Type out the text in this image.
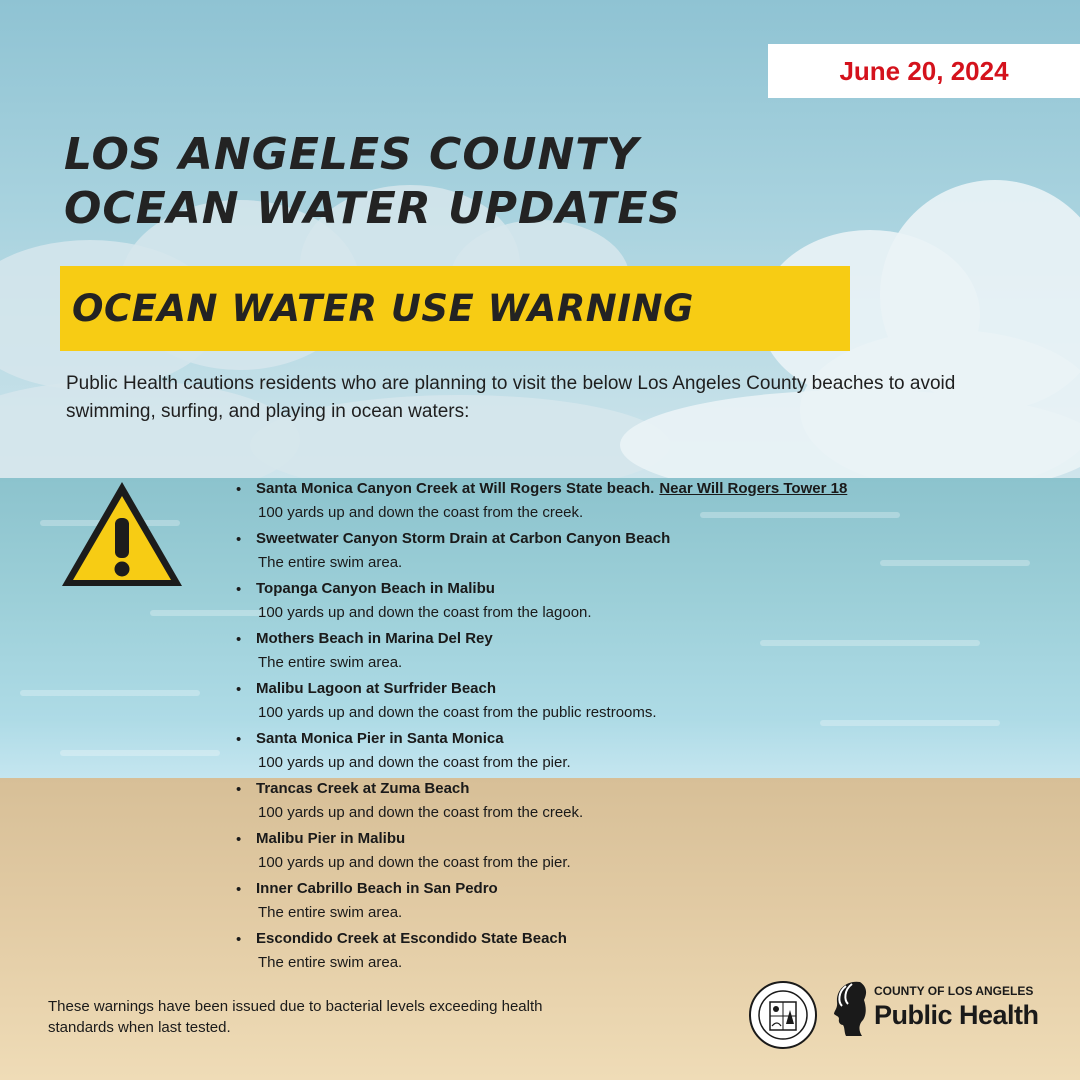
June 20, 2024
LOS ANGELES COUNTY
OCEAN WATER UPDATES
OCEAN WATER USE WARNING

Public Health cautions residents who are planning to visit the below Los Angeles County beaches to avoid swimming, surfing, and playing in ocean waters:

• Santa Monica Canyon Creek at Will Rogers State beach. Near Will Rogers Tower 18
100 yards up and down the coast from the creek.
• Sweetwater Canyon Storm Drain at Carbon Canyon Beach
The entire swim area.
• Topanga Canyon Beach in Malibu
100 yards up and down the coast from the lagoon.
• Mothers Beach in Marina Del Rey
The entire swim area.
• Malibu Lagoon at Surfrider Beach
100 yards up and down the coast from the public restrooms.
• Santa Monica Pier in Santa Monica
100 yards up and down the coast from the pier.
• Trancas Creek at Zuma Beach
100 yards up and down the coast from the creek.
• Malibu Pier in Malibu
100 yards up and down the coast from the pier.
• Inner Cabrillo Beach in San Pedro
The entire swim area.
• Escondido Creek at Escondido State Beach
The entire swim area.

These warnings have been issued due to bacterial levels exceeding health standards when last tested.

COUNTY OF LOS ANGELES
Public Health
